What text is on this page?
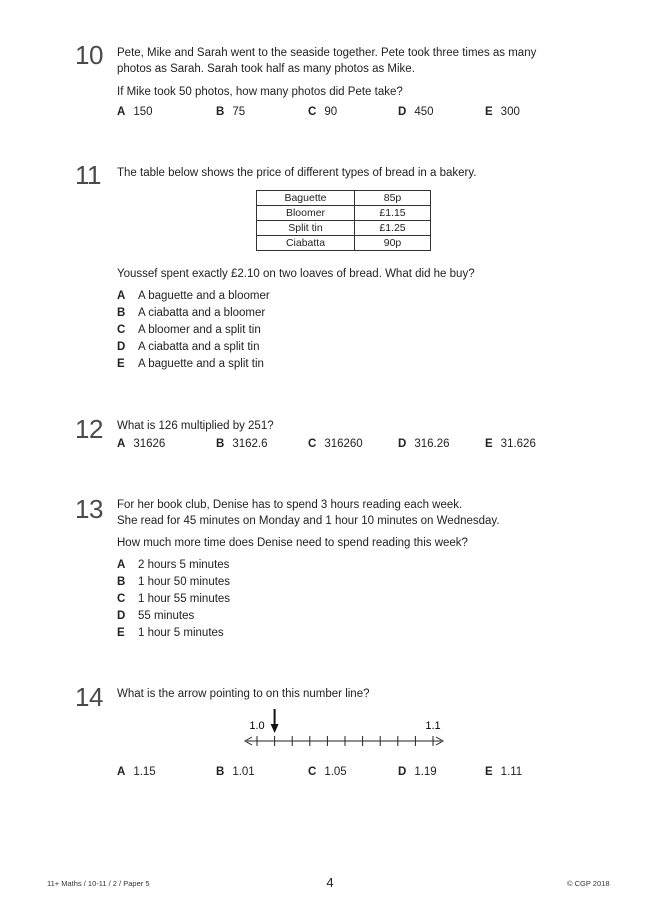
10 Pete, Mike and Sarah went to the seaside together. Pete took three times as many
photos as Sarah. Sarah took half as many photos as Mike.
If Mike took 50 photos, how many photos did Pete take?
A 150	B 75	C 90	D 450	E 300
11 The table below shows the price of different types of bread in a bakery.
Baguette	85p
Bloomer	£1.15
Split tin	£1.25
Ciabatta	90p
Youssef spent exactly £2.10 on two loaves of bread. What did he buy?
A A baguette and a bloomer
B A ciabatta and a bloomer
C A bloomer and a split tin
D A ciabatta and a split tin
E A baguette and a split tin
12 What is 126 multiplied by 251?
A 31626	B 3162.6	C 316260	D 316.26	E 31.626
13 For her book club, Denise has to spend 3 hours reading each week.
She read for 45 minutes on Monday and 1 hour 10 minutes on Wednesday.
How much more time does Denise need to spend reading this week?
A 2 hours 5 minutes
B 1 hour 50 minutes
C 1 hour 55 minutes
D 55 minutes
E 1 hour 5 minutes
14 What is the arrow pointing to on this number line?
1.0	1.1
A 1.15	B 1.01	C 1.05	D 1.19	E 1.11
11+ Maths / 10-11 / 2 / Paper 5	4	© CGP 2018
